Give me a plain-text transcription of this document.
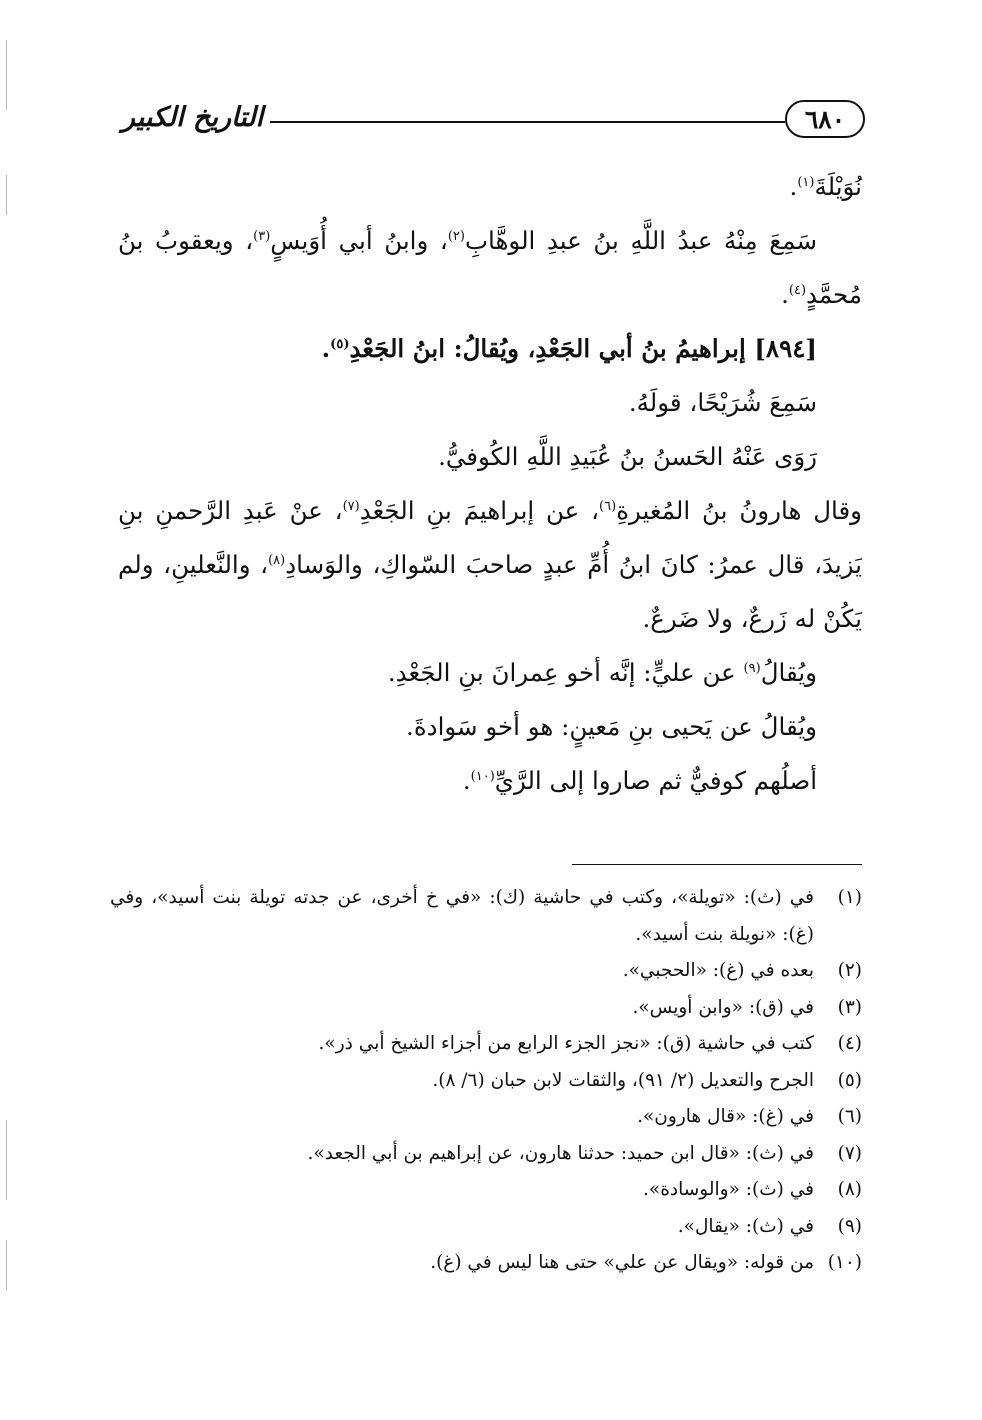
٦٨٠
التاريخ الكبير

نُوَيْلَةَ$^{(١)}$.

سَمِعَ مِنْهُ عبدُ اللَّهِ بنُ عبدِ الوهَّابِ$^{(٢)}$، وابنُ أبي أُوَيسٍ$^{(٣)}$، ويعقوبُ بنُ مُحمَّدٍ$^{(٤)}$.

[٨٩٤] إبراهيمُ بنُ أبي الجَعْدِ، ويُقالُ: ابنُ الجَعْدِ$^{(٥)}$.

سَمِعَ شُرَيْحًا، قولَهُ.

رَوَى عَنْهُ الحَسنُ بنُ عُبَيدِ اللَّهِ الكُوفيُّ.

وقال هارونُ بنُ المُغيرةِ$^{(٦)}$، عن إبراهيمَ بنِ الجَعْدِ$^{(٧)}$، عنْ عَبدِ الرَّحمنِ بنِ يَزيدَ، قال عمرُ: كانَ ابنُ أُمِّ عبدٍ صاحبَ السّواكِ، والوَسادِ$^{(٨)}$، والنَّعلينِ، ولم يَكُنْ له زَرعٌ، ولا ضَرعٌ.

ويُقالُ$^{(٩)}$ عن عليٍّ: إنَّه أخو عِمرانَ بنِ الجَعْدِ.

ويُقالُ عن يَحيى بنِ مَعينٍ: هو أخو سَوادةَ.

أصلُهم كوفيٌّ ثم صاروا إلى الرَّيِّ$^{(١٠)}$.

(١)
في (ث): «تويلة»، وكتب في حاشية (ك): «في خ أخرى، عن جدته تويلة بنت أسيد»، وفي (غ): «نويلة بنت أسيد».
(٢)
بعده في (غ): «الحجبي».
(٣)
في (ق): «وابن أويس».
(٤)
كتب في حاشية (ق): «نجز الجزء الرابع من أجزاء الشيخ أبي ذر».
(٥)
الجرح والتعديل (٢/ ٩١)، والثقات لابن حبان (٦/ ٨).
(٦)
في (غ): «قال هارون».
(٧)
في (ث): «قال ابن حميد: حدثنا هارون، عن إبراهيم بن أبي الجعد».
(٨)
في (ث): «والوسادة».
(٩)
في (ث): «يقال».
(١٠)
من قوله: «ويقال عن علي» حتى هنا ليس في (غ).
